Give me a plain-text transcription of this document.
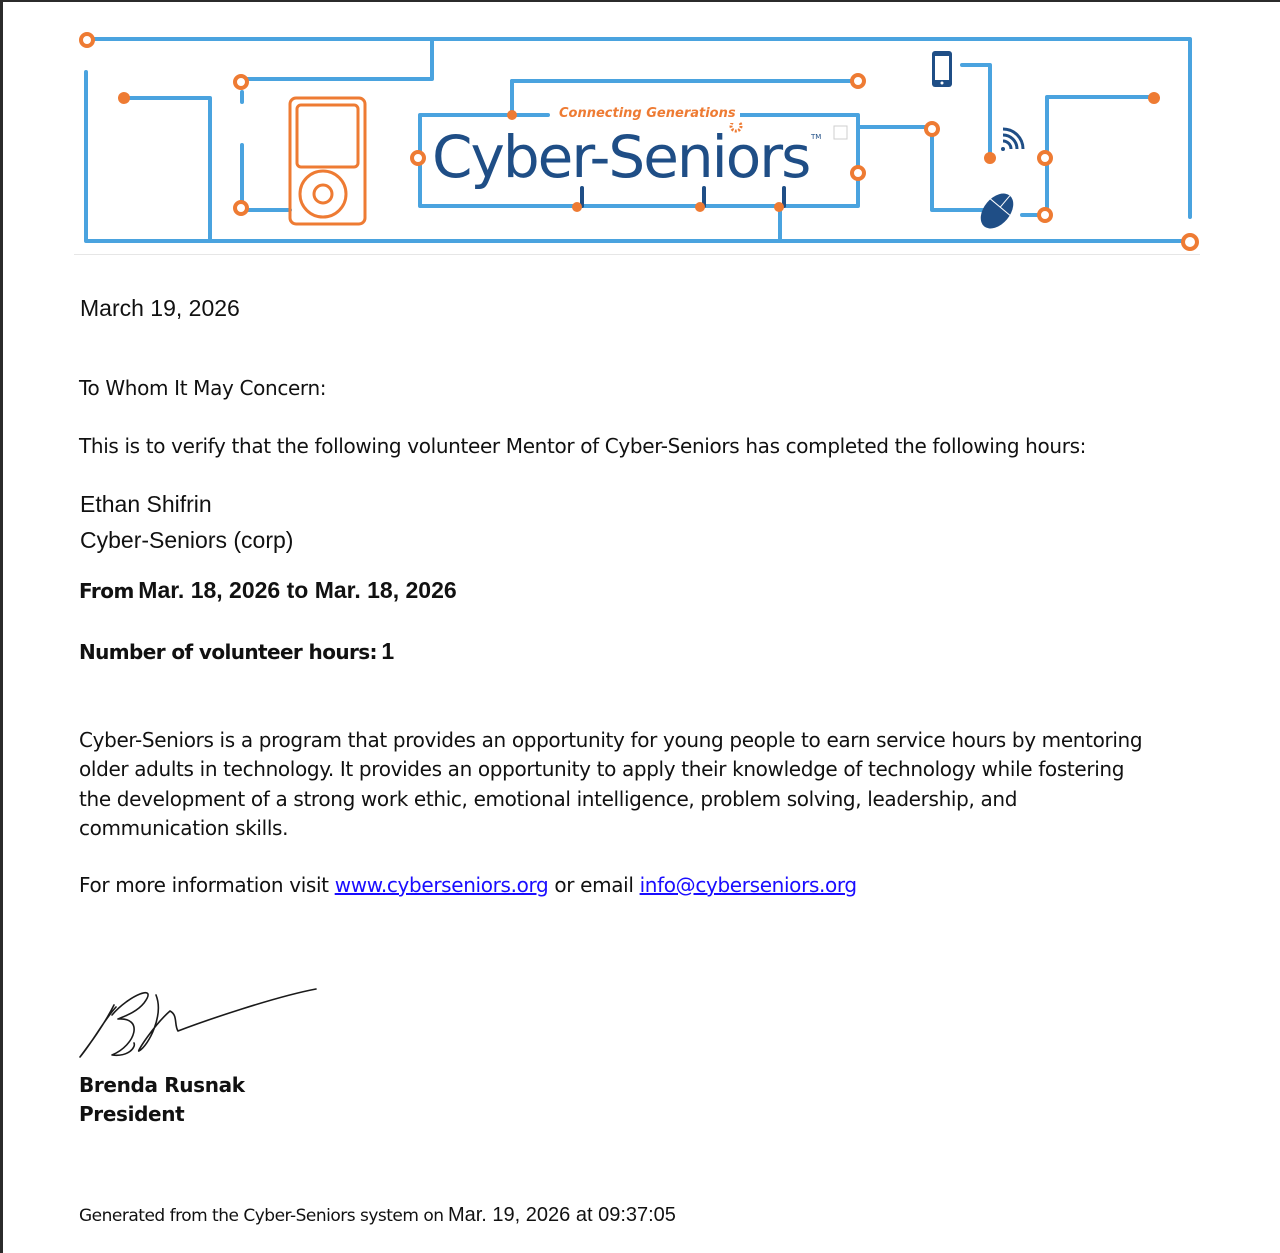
Connecting Generations
Cyber-Seniors TM
March 19, 2026
To Whom It May Concern:
This is to verify that the following volunteer Mentor of Cyber-Seniors has completed the following hours:
Ethan Shifrin
Cyber-Seniors (corp)
From Mar. 18, 2026 to Mar. 18, 2026
Number of volunteer hours: 1
Cyber-Seniors is a program that provides an opportunity for young people to earn service hours by mentoring
older adults in technology. It provides an opportunity to apply their knowledge of technology while fostering
the development of a strong work ethic, emotional intelligence, problem solving, leadership, and
communication skills.
For more information visit www.cyberseniors.org or email info@cyberseniors.org
Brenda Rusnak
President
Generated from the Cyber-Seniors system on Mar. 19, 2026 at 09:37:05
